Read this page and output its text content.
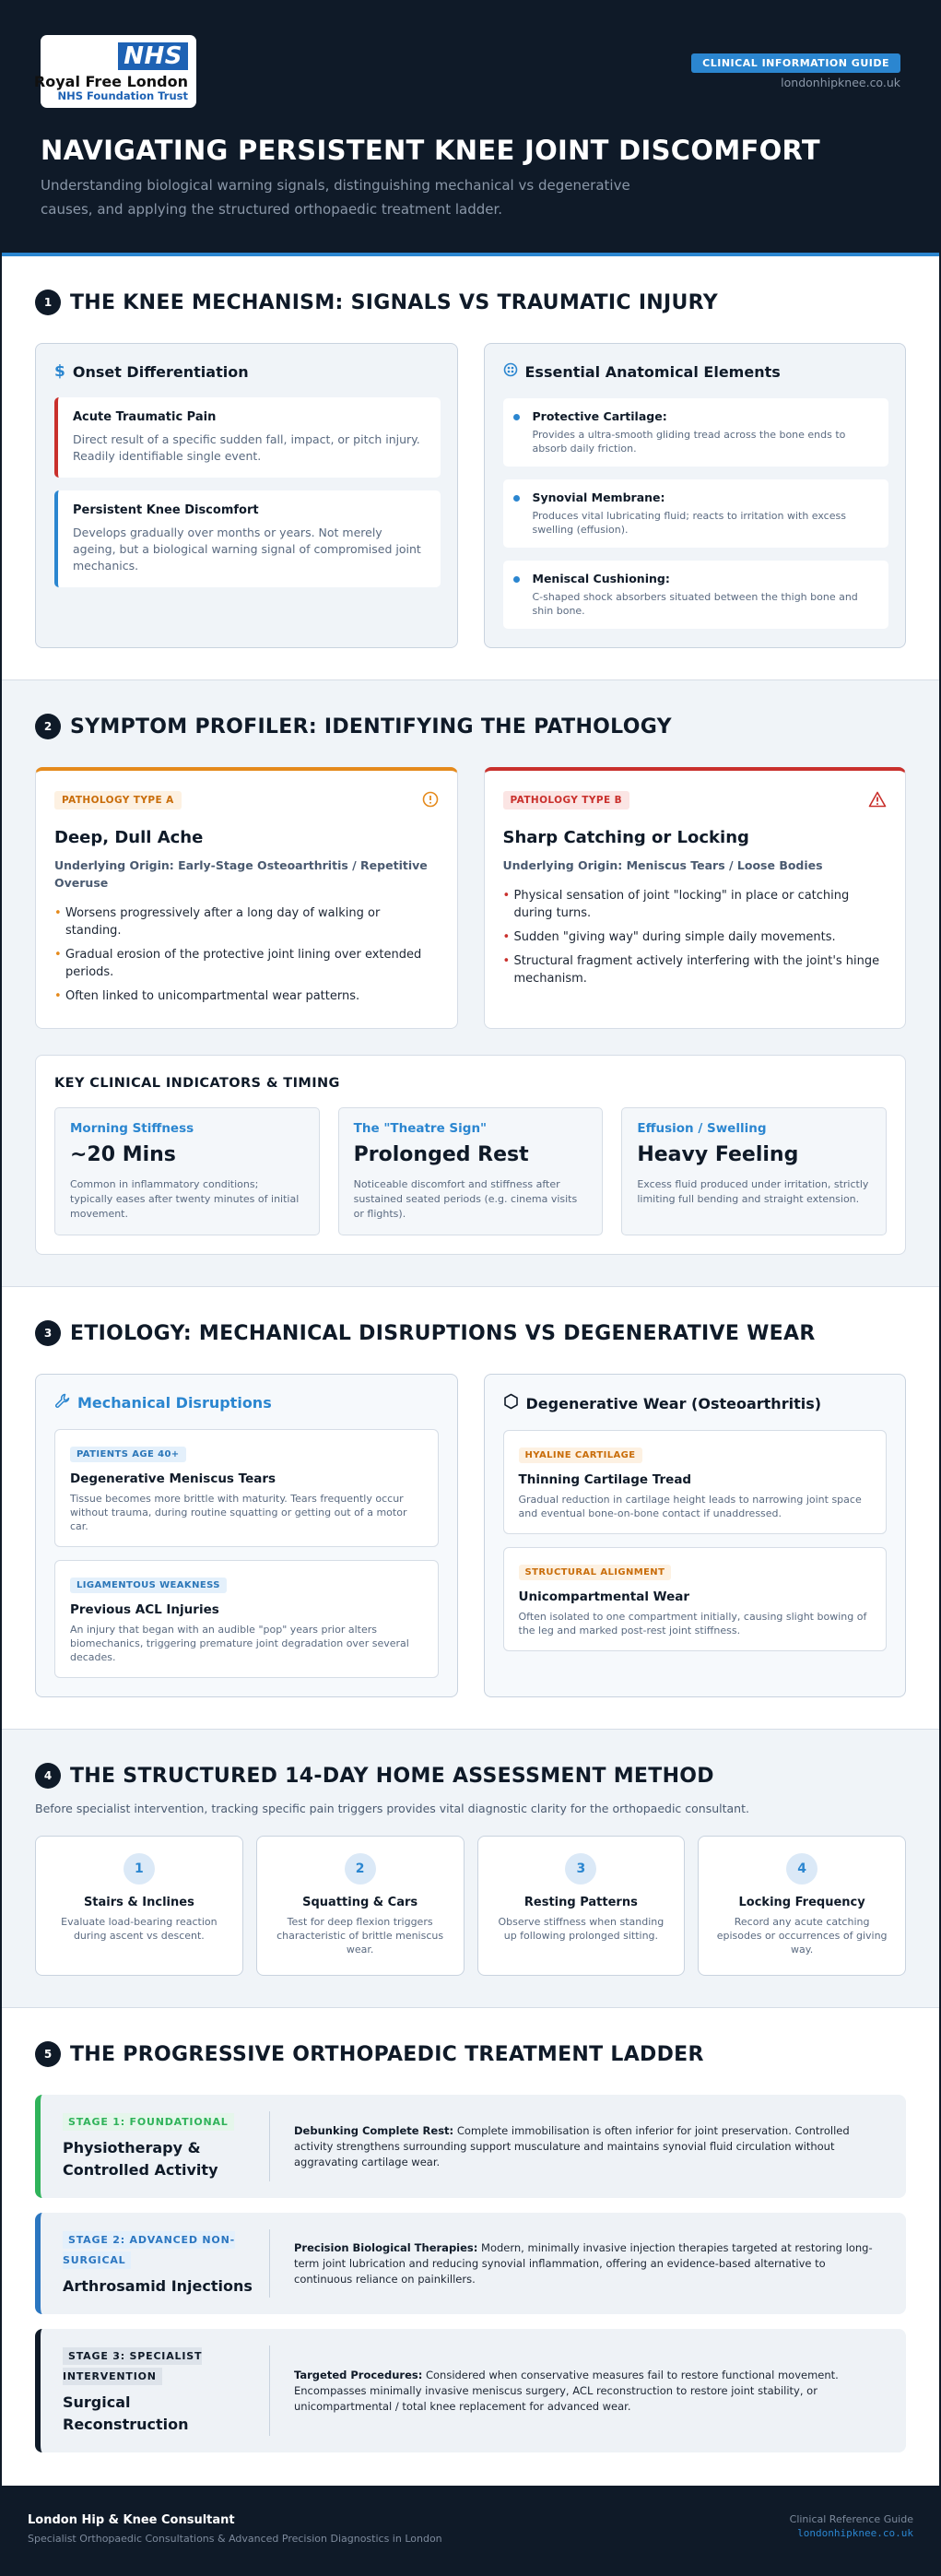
NHS
Royal Free London
NHS Foundation Trust
CLINICAL INFORMATION GUIDE
londonhipknee.co.uk
NAVIGATING PERSISTENT KNEE JOINT DISCOMFORT

Understanding biological warning signals, distinguishing mechanical vs degenerative causes, and applying the structured orthopaedic treatment ladder.

1 THE KNEE MECHANISM: SIGNALS VS TRAUMATIC INJURY
$ Onset Differentiation
Acute Traumatic Pain

Direct result of a specific sudden fall, impact, or pitch injury. Readily identifiable single event.

Persistent Knee Discomfort

Develops gradually over months or years. Not merely ageing, but a biological warning signal of compromised joint mechanics.

Essential Anatomical Elements
Protective Cartilage:

Provides a ultra-smooth gliding tread across the bone ends to absorb daily friction.

Synovial Membrane:

Produces vital lubricating fluid; reacts to irritation with excess swelling (effusion).

Meniscal Cushioning:

C-shaped shock absorbers situated between the thigh bone and shin bone.

2 SYMPTOM PROFILER: IDENTIFYING THE PATHOLOGY
PATHOLOGY TYPE A
Deep, Dull Ache
Underlying Origin: Early-Stage Osteoarthritis / Repetitive Overuse
• Worsens progressively after a long day of walking or standing.
• Gradual erosion of the protective joint lining over extended periods.
• Often linked to unicompartmental wear patterns.
PATHOLOGY TYPE B
Sharp Catching or Locking
Underlying Origin: Meniscus Tears / Loose Bodies
• Physical sensation of joint "locking" in place or catching during turns.
• Sudden "giving way" during simple daily movements.
• Structural fragment actively interfering with the joint's hinge mechanism.
KEY CLINICAL INDICATORS & TIMING
Morning Stiffness
~20 Mins
Common in inflammatory conditions; typically eases after twenty minutes of initial movement.
The "Theatre Sign"
Prolonged Rest
Noticeable discomfort and stiffness after sustained seated periods (e.g. cinema visits or flights).
Effusion / Swelling
Heavy Feeling
Excess fluid produced under irritation, strictly limiting full bending and straight extension.
3 ETIOLOGY: MECHANICAL DISRUPTIONS VS DEGENERATIVE WEAR
Mechanical Disruptions
PATIENTS AGE 40+
Degenerative Meniscus Tears

Tissue becomes more brittle with maturity. Tears frequently occur without trauma, during routine squatting or getting out of a motor car.

LIGAMENTOUS WEAKNESS
Previous ACL Injuries

An injury that began with an audible "pop" years prior alters biomechanics, triggering premature joint degradation over several decades.

Degenerative Wear (Osteoarthritis)
HYALINE CARTILAGE
Thinning Cartilage Tread

Gradual reduction in cartilage height leads to narrowing joint space and eventual bone-on-bone contact if unaddressed.

STRUCTURAL ALIGNMENT
Unicompartmental Wear

Often isolated to one compartment initially, causing slight bowing of the leg and marked post-rest joint stiffness.

4 THE STRUCTURED 14-DAY HOME ASSESSMENT METHOD

Before specialist intervention, tracking specific pain triggers provides vital diagnostic clarity for the orthopaedic consultant.

1
Stairs & Inclines

Evaluate load-bearing reaction during ascent vs descent.

2
Squatting & Cars

Test for deep flexion triggers characteristic of brittle meniscus wear.

3
Resting Patterns

Observe stiffness when standing up following prolonged sitting.

4
Locking Frequency

Record any acute catching episodes or occurrences of giving way.

5 THE PROGRESSIVE ORTHOPAEDIC TREATMENT LADDER
STAGE 1: FOUNDATIONAL
Physiotherapy & Controlled Activity
Debunking Complete Rest: Complete immobilisation is often inferior for joint preservation. Controlled activity strengthens surrounding support musculature and maintains synovial fluid circulation without aggravating cartilage wear.
STAGE 2: ADVANCED NON-SURGICAL
Arthrosamid Injections
Precision Biological Therapies: Modern, minimally invasive injection therapies targeted at restoring long-term joint lubrication and reducing synovial inflammation, offering an evidence-based alternative to continuous reliance on painkillers.
STAGE 3: SPECIALIST INTERVENTION
Surgical Reconstruction
Targeted Procedures: Considered when conservative measures fail to restore functional movement. Encompasses minimally invasive meniscus surgery, ACL reconstruction to restore joint stability, or unicompartmental / total knee replacement for advanced wear.
London Hip & Knee Consultant
Specialist Orthopaedic Consultations & Advanced Precision Diagnostics in London
Clinical Reference Guide
londonhipknee.co.uk
